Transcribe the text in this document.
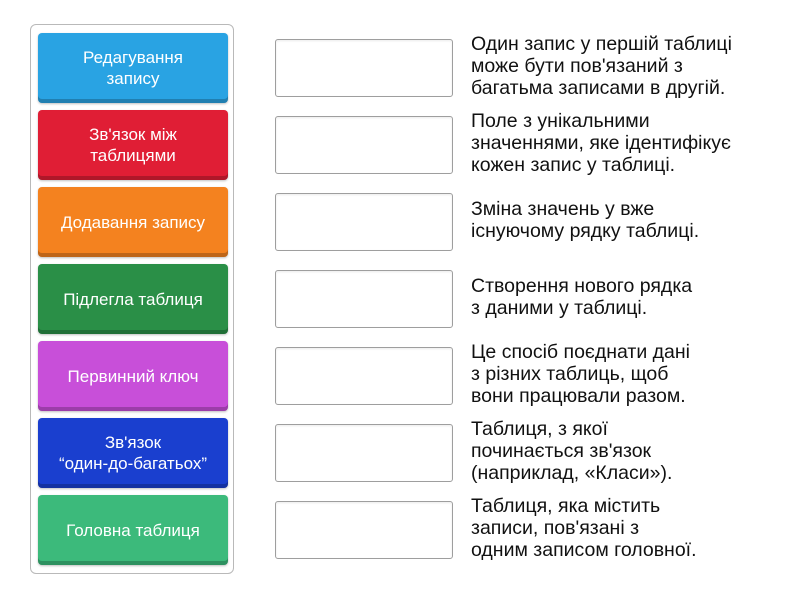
Редагування
запису
Зв'язок між
таблицями
Додавання запису
Підлегла таблиця
Первинний ключ
Зв'язок
“один-до-багатьох”
Головна таблиця
Один запис у першій таблиці
може бути пов'язаний з
багатьма записами в другій.
Поле з унікальними
значеннями, яке ідентифікує
кожен запис у таблиці.
Зміна значень у вже
існуючому рядку таблиці.
Створення нового рядка
з даними у таблиці.
Це спосіб поєднати дані
з різних таблиць, щоб
вони працювали разом.
Таблиця, з якої
починається зв'язок
(наприклад, «Класи»).
Таблиця, яка містить
записи, пов'язані з
одним записом головної.
